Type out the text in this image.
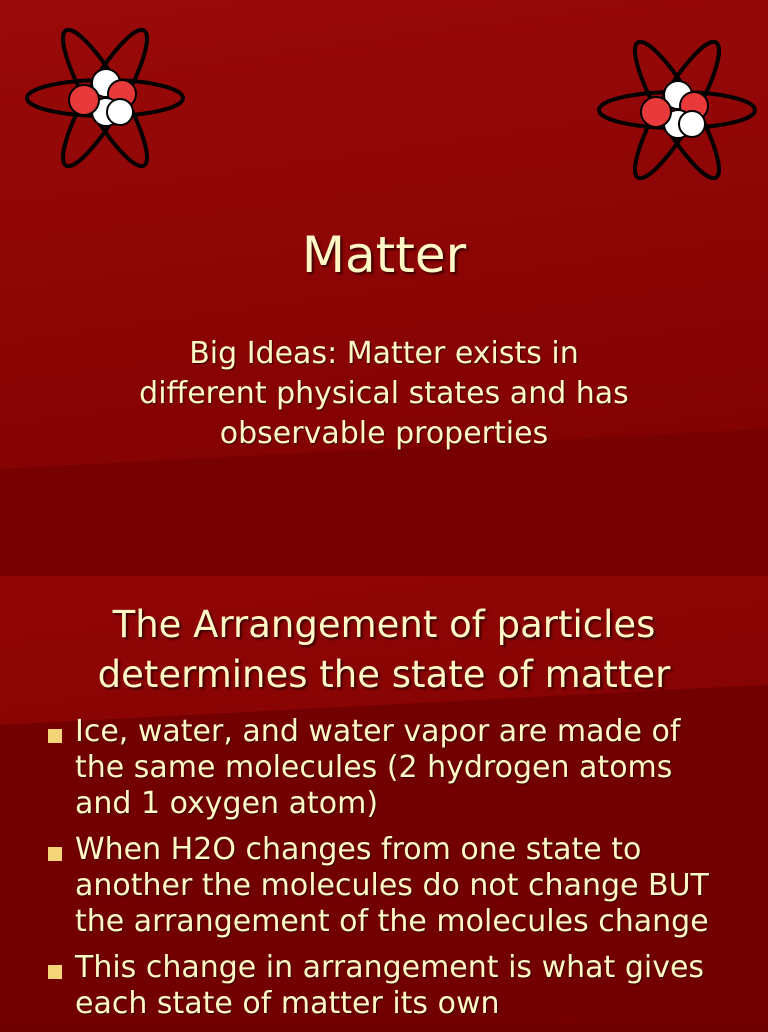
Matter
Big Ideas: Matter exists in
different physical states and has
observable properties
The Arrangement of particles
determines the state of matter
Ice, water, and water vapor are made of
the same molecules (2 hydrogen atoms
and 1 oxygen atom)
When H2O changes from one state to
another the molecules do not change BUT
the arrangement of the molecules change
This change in arrangement is what gives
each state of matter its own
